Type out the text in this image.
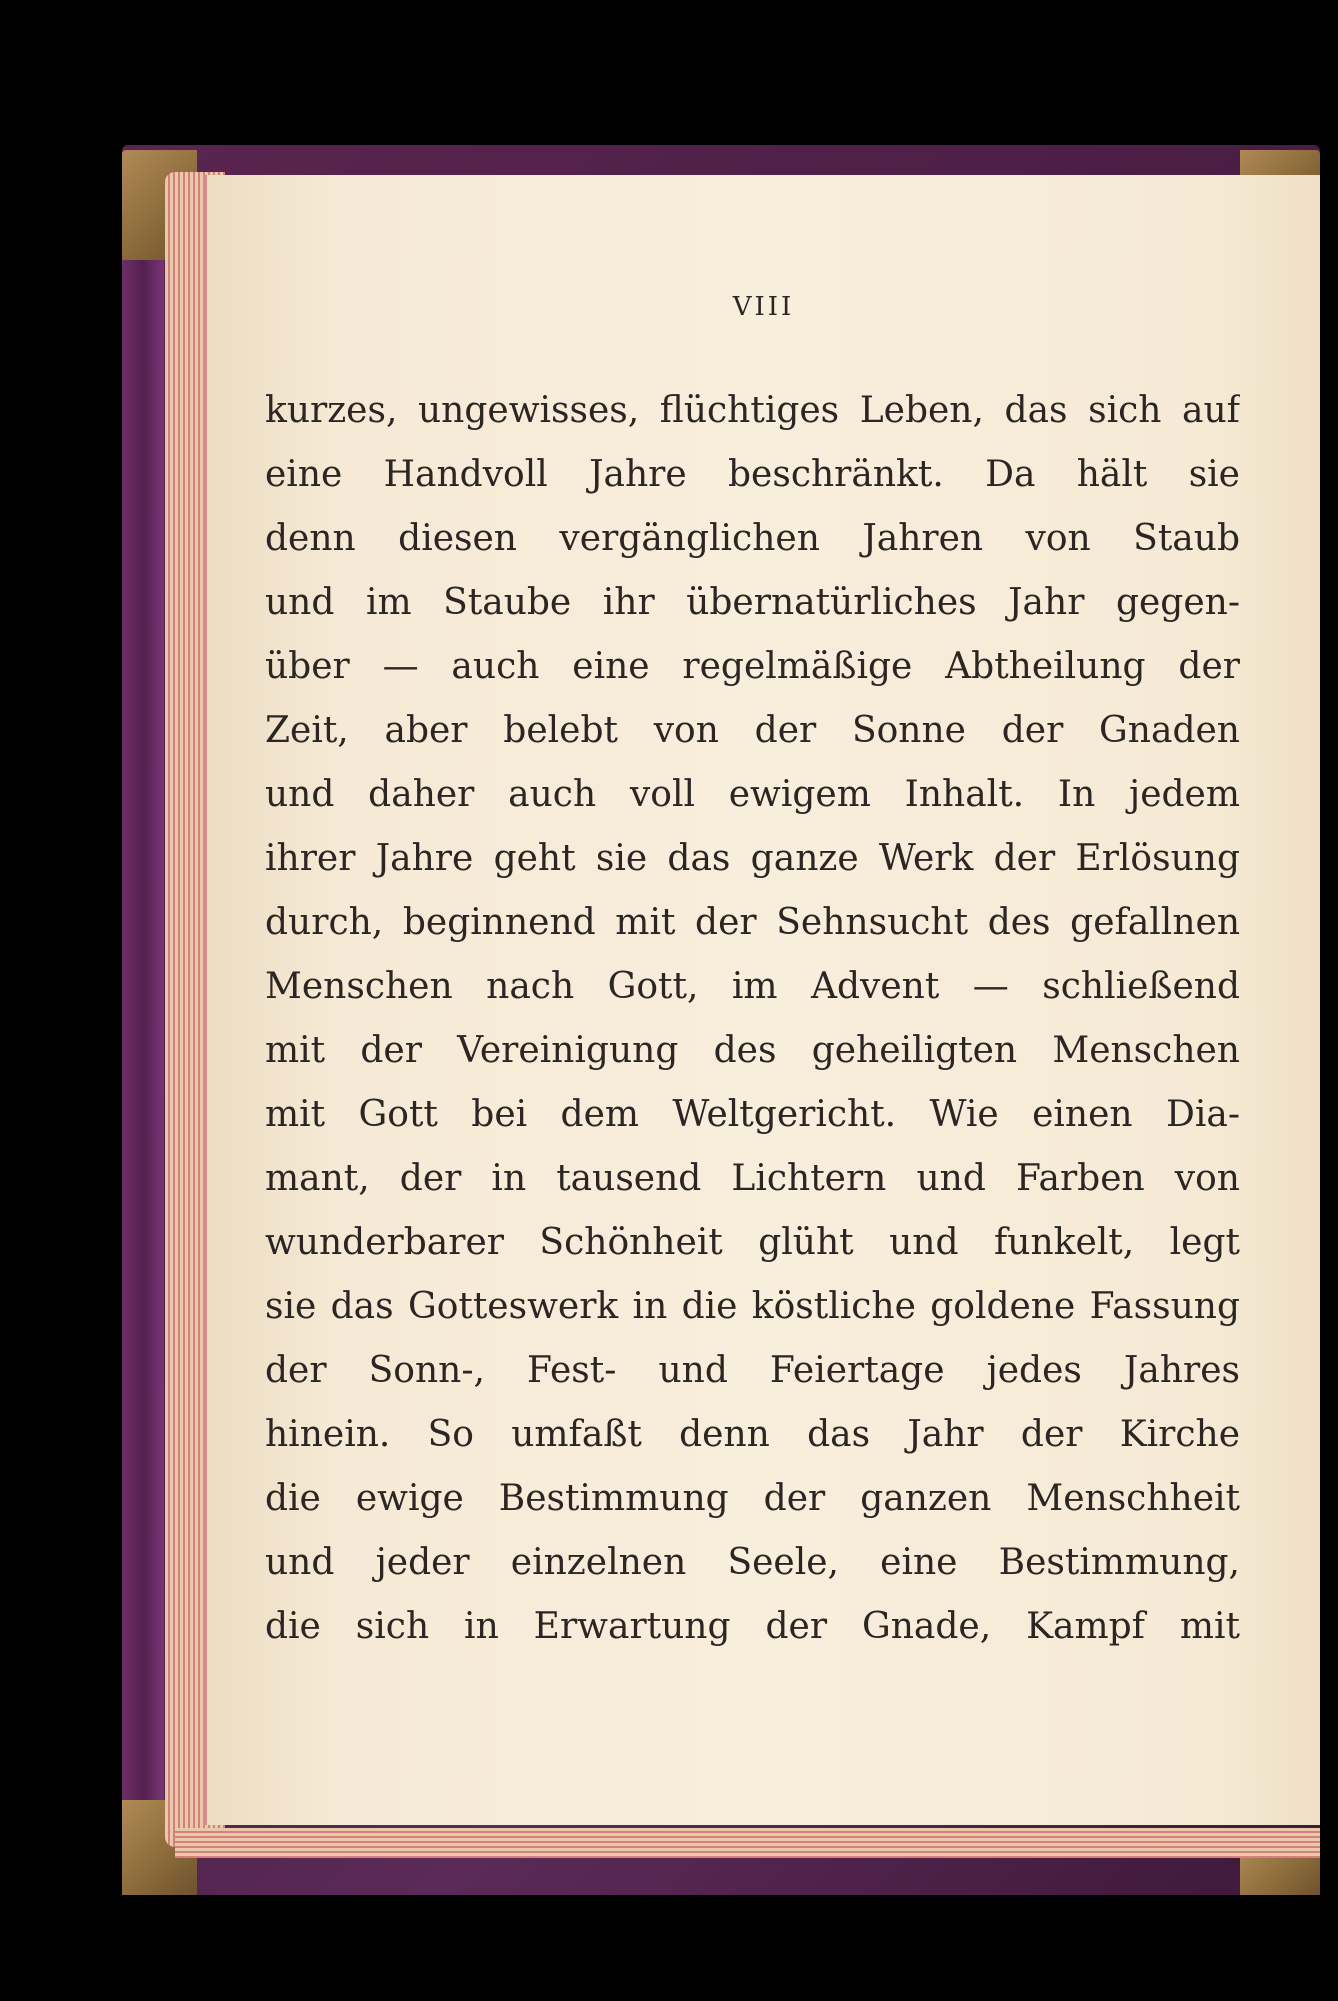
VIII
kurzes, ungewisses, flüchtiges Leben, das sich auf
eine Handvoll Jahre beschränkt. Da hält sie
denn diesen vergänglichen Jahren von Staub
und im Staube ihr übernatürliches Jahr gegen-
über — auch eine regelmäßige Abtheilung der
Zeit, aber belebt von der Sonne der Gnaden
und daher auch voll ewigem Inhalt. In jedem
ihrer Jahre geht sie das ganze Werk der Erlösung
durch, beginnend mit der Sehnsucht des gefallnen
Menschen nach Gott, im Advent — schließend
mit der Vereinigung des geheiligten Menschen
mit Gott bei dem Weltgericht. Wie einen Dia-
mant, der in tausend Lichtern und Farben von
wunderbarer Schönheit glüht und funkelt, legt
sie das Gotteswerk in die köstliche goldene Fassung
der Sonn-, Fest- und Feiertage jedes Jahres
hinein. So umfaßt denn das Jahr der Kirche
die ewige Bestimmung der ganzen Menschheit
und jeder einzelnen Seele, eine Bestimmung,
die sich in Erwartung der Gnade, Kampf mit
